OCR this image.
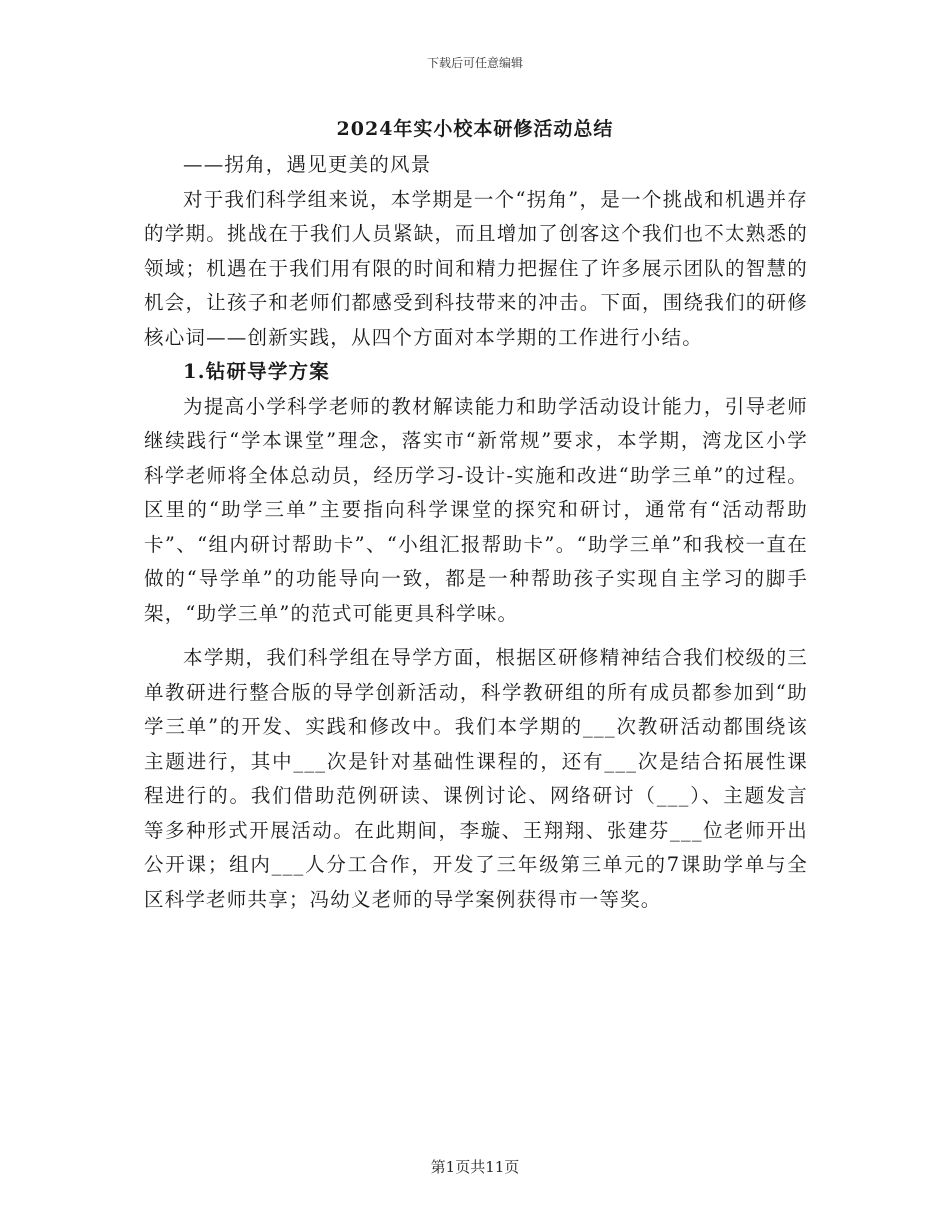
下载后可任意编辑
2024年实小校本研修活动总结

——拐角，遇见更美的风景

对于我们科学组来说，本学期是一个“拐角”，是一个挑战和机遇并存的学期。挑战在于我们人员紧缺，而且增加了创客这个我们也不太熟悉的领域；机遇在于我们用有限的时间和精力把握住了许多展示团队的智慧的机会，让孩子和老师们都感受到科技带来的冲击。下面，围绕我们的研修核心词——创新实践，从四个方面对本学期的工作进行小结。

1.钻研导学方案

为提高小学科学老师的教材解读能力和助学活动设计能力，引导老师继续践行“学本课堂”理念，落实市“新常规”要求，本学期，湾龙区小学科学老师将全体总动员，经历学习-设计-实施和改进“助学三单”的过程。区里的“助学三单”主要指向科学课堂的探究和研讨，通常有“活动帮助卡”、“组内研讨帮助卡”、“小组汇报帮助卡”。“助学三单”和我校一直在做的“导学单”的功能导向一致，都是一种帮助孩子实现自主学习的脚手架，“助学三单”的范式可能更具科学味。

本学期，我们科学组在导学方面，根据区研修精神结合我们校级的三单教研进行整合版的导学创新活动，科学教研组的所有成员都参加到“助学三单”的开发、实践和修改中。我们本学期的___次教研活动都围绕该主题进行，其中___次是针对基础性课程的，还有___次是结合拓展性课程进行的。我们借助范例研读、课例讨论、网络研讨（___）、主题发言等多种形式开展活动。在此期间，李璇、王翔翔、张建芬___位老师开出公开课；组内___人分工合作，开发了三年级第三单元的7课助学单与全区科学老师共享；冯幼义老师的导学案例获得市一等奖。

第1页共11页
